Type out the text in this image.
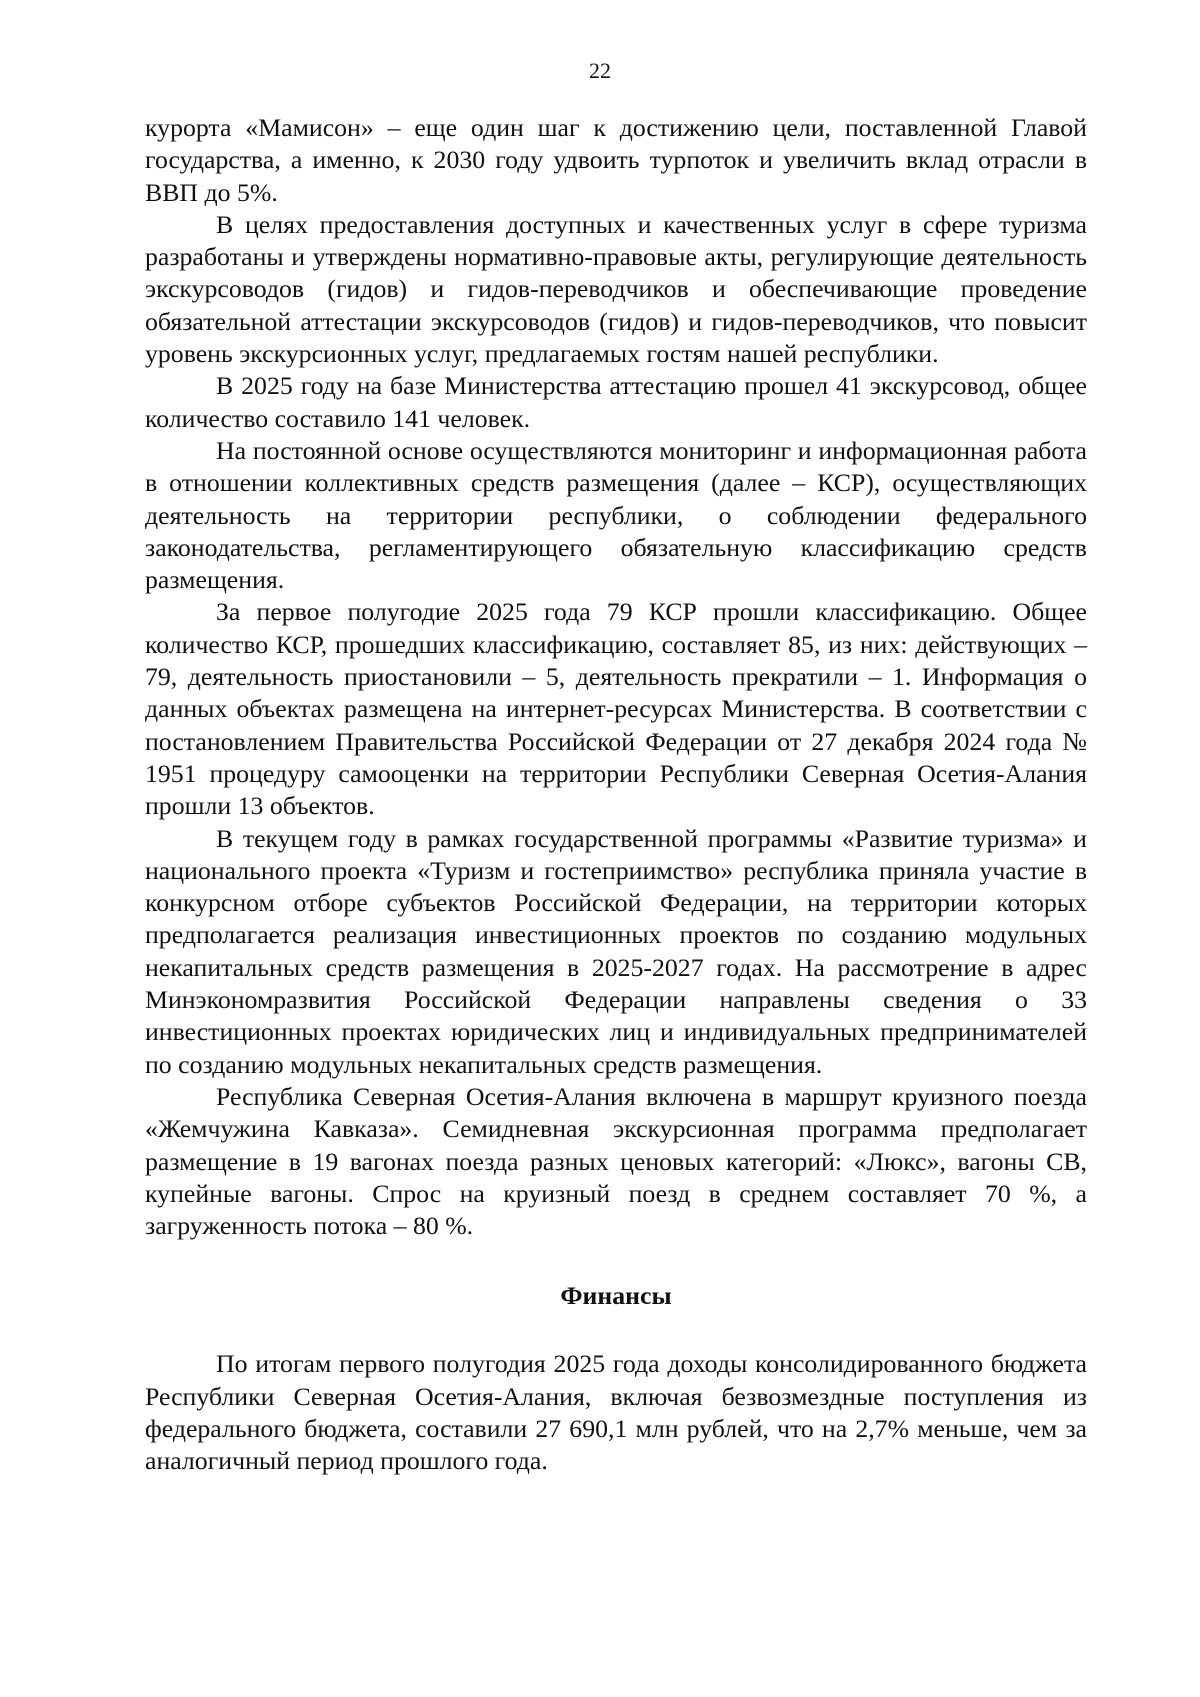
22

курорта «Мамисон» – еще один шаг к достижению цели, поставленной Главой государства, а именно, к 2030 году удвоить турпоток и увеличить вклад отрасли в ВВП до 5%.

В целях предоставления доступных и качественных услуг в сфере туризма разработаны и утверждены нормативно-правовые акты, регулирующие деятельность экскурсоводов (гидов) и гидов-переводчиков и обеспечивающие проведение обязательной аттестации экскурсоводов (гидов) и гидов-переводчиков, что повысит уровень экскурсионных услуг, предлагаемых гостям нашей республики.

В 2025 году на базе Министерства аттестацию прошел 41 экскурсовод, общее количество составило 141 человек.

На постоянной основе осуществляются мониторинг и информационная работа в отношении коллективных средств размещения (далее – КСР), осуществляющих деятельность на территории республики, о соблюдении федерального законодательства, регламентирующего обязательную классификацию средств размещения.

За первое полугодие 2025 года 79 КСР прошли классификацию. Общее количество КСР, прошедших классификацию, составляет 85, из них: действующих – 79, деятельность приостановили – 5, деятельность прекратили – 1. Информация о данных объектах размещена на интернет-ресурсах Министерства. В соответствии с постановлением Правительства Российской Федерации от 27 декабря 2024 года № 1951 процедуру самооценки на территории Республики Северная Осетия-Алания прошли 13 объектов.

В текущем году в рамках государственной программы «Развитие туризма» и национального проекта «Туризм и гостеприимство» республика приняла участие в конкурсном отборе субъектов Российской Федерации, на территории которых предполагается реализация инвестиционных проектов по созданию модульных некапитальных средств размещения в 2025-2027 годах. На рассмотрение в адрес Минэкономразвития Российской Федерации направлены сведения о 33 инвестиционных проектах юридических лиц и индивидуальных предпринимателей по созданию модульных некапитальных средств размещения.

Республика Северная Осетия-Алания включена в маршрут круизного поезда «Жемчужина Кавказа». Семидневная экскурсионная программа предполагает размещение в 19 вагонах поезда разных ценовых категорий: «Люкс», вагоны СВ, купейные вагоны. Спрос на круизный поезд в среднем составляет 70 %, а загруженность потока – 80 %.

Финансы

По итогам первого полугодия 2025 года доходы консолидированного бюджета Республики Северная Осетия-Алания, включая безвозмездные поступления из федерального бюджета, составили 27 690,1 млн рублей, что на 2,7% меньше, чем за аналогичный период прошлого года.
